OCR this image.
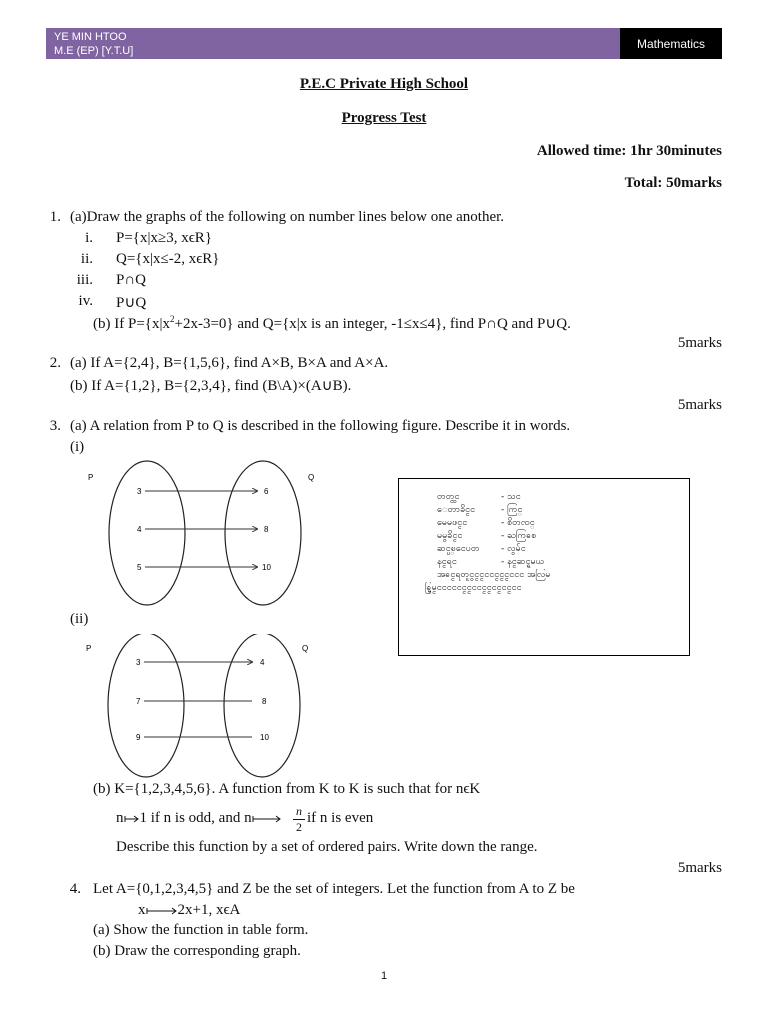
YE MIN HTOO
M.E (EP) [Y.T.U]
Mathematics
P.E.C Private High School
Progress Test
Allowed time: 1hr 30minutes
Total: 50marks
1. (a)Draw the graphs of the following on number lines below one another.
i. P={x|x≥3, xϵR}
ii. Q={x|x≤-2, xϵR}
iii. P∩Q
iv. P∪Q
(b) If $P=\{x|x^2+2x-3=0\}$ and Q={x|x is an integer, -1≤x≤4}, find P∩Q and P∪Q.
5marks
2. (a) If A={2,4}, B={1,5,6}, find A×B, B×A and A×A.
(b) If A={1,2}, B={2,3,4}, find (B\A)×(A∪B).
5marks
3. (a) A relation from P to Q is described in the following figure. Describe it in words.
(i)
P	Q
3
4
5
6
8
10
တတ္ငွင	- သင
ေတာခိင္ငင	- ကြင္
မေမဖင္ငင	- စိတၸင္
မမွခိင္ငင	- ႀကြၶစ
ဆင္ပ္ၿငေပတ - လွမ်င
နင္ငရင	- နင္ငဆင္ရမယ
အၶင္ငရတူငွင္ငင္ငငငင္ငင္ငင္ငငငင အလြမ
ၶ္မြမ္ငငငငငငင္ငင္ငငငင္ငင္ငငင္ငငင္ငငင
(ii)
P	Q
3
7
9
4
8
10
(b) K={1,2,3,4,5,6}. A function from K to K is such that for nϵK
n 1 if n is odd, and n	n
2
if n is even
Describe this function by a set of ordered pairs. Write down the range.
5marks
4. Let A={0,1,2,3,4,5} and Z be the set of integers. Let the function from A to Z be
x 2x+1, xϵA
(a) Show the function in table form.
(b) Draw the corresponding graph.
1
